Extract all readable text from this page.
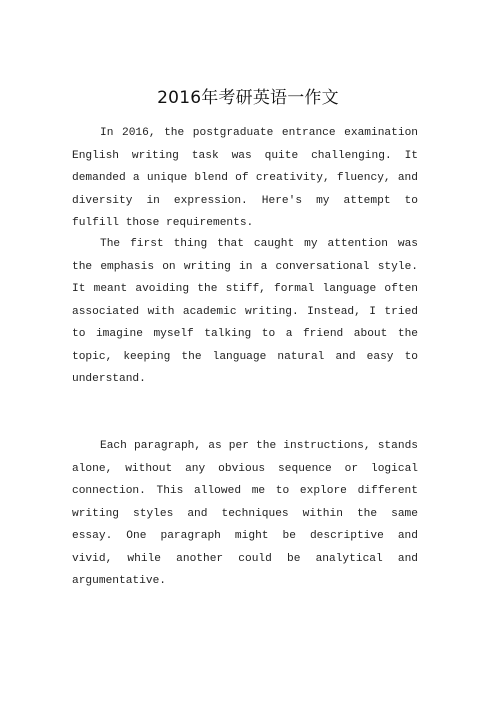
2016年考研英语一作文

In 2016, the postgraduate entrance examination English writing task was quite challenging. It demanded a unique blend of creativity, fluency, and diversity in expression. Here's my attempt to fulfill those requirements.

The first thing that caught my attention was the emphasis on writing in a conversational style. It meant avoiding the stiff, formal language often associated with academic writing. Instead, I tried to imagine myself talking to a friend about the topic, keeping the language natural and easy to understand.

Each paragraph, as per the instructions, stands alone, without any obvious sequence or logical connection. This allowed me to explore different writing styles and techniques within the same essay. One paragraph might be descriptive and vivid, while another could be analytical and argumentative.
